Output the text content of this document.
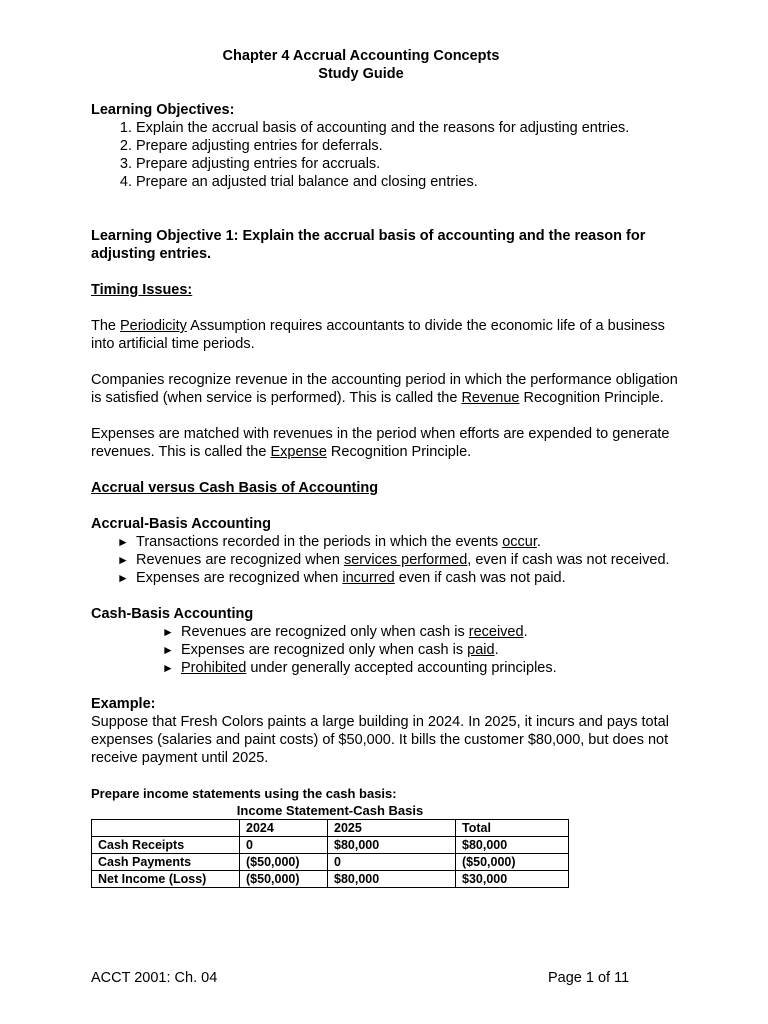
Chapter 4 Accrual Accounting Concepts
Study Guide
Learning Objectives:
1. Explain the accrual basis of accounting and the reasons for adjusting entries.
2. Prepare adjusting entries for deferrals.
3. Prepare adjusting entries for accruals.
4. Prepare an adjusted trial balance and closing entries.
Learning Objective 1: Explain the accrual basis of accounting and the reason for adjusting entries.
Timing Issues:

The Periodicity Assumption requires accountants to divide the economic life of a business into artificial time periods.

Companies recognize revenue in the accounting period in which the performance obligation is satisfied (when service is performed). This is called the Revenue Recognition Principle.

Expenses are matched with revenues in the period when efforts are expended to generate revenues. This is called the Expense Recognition Principle.

Accrual versus Cash Basis of Accounting
Accrual-Basis Accounting
► Transactions recorded in the periods in which the events occur.
► Revenues are recognized when services performed, even if cash was not received.
► Expenses are recognized when incurred even if cash was not paid.
Cash-Basis Accounting
► Revenues are recognized only when cash is received.
► Expenses are recognized only when cash is paid.
► Prohibited under generally accepted accounting principles.
Example:

Suppose that Fresh Colors paints a large building in 2024. In 2025, it incurs and pays total expenses (salaries and paint costs) of $50,000. It bills the customer $80,000, but does not receive payment until 2025.

Prepare income statements using the cash basis:
Income Statement-Cash Basis
	2024	2025	Total
Cash Receipts	0	$80,000	$80,000
Cash Payments	($50,000)	0	($50,000)
Net Income (Loss)	($50,000)	$80,000	$30,000
ACCT 2001: Ch. 04	Page 1 of 11
